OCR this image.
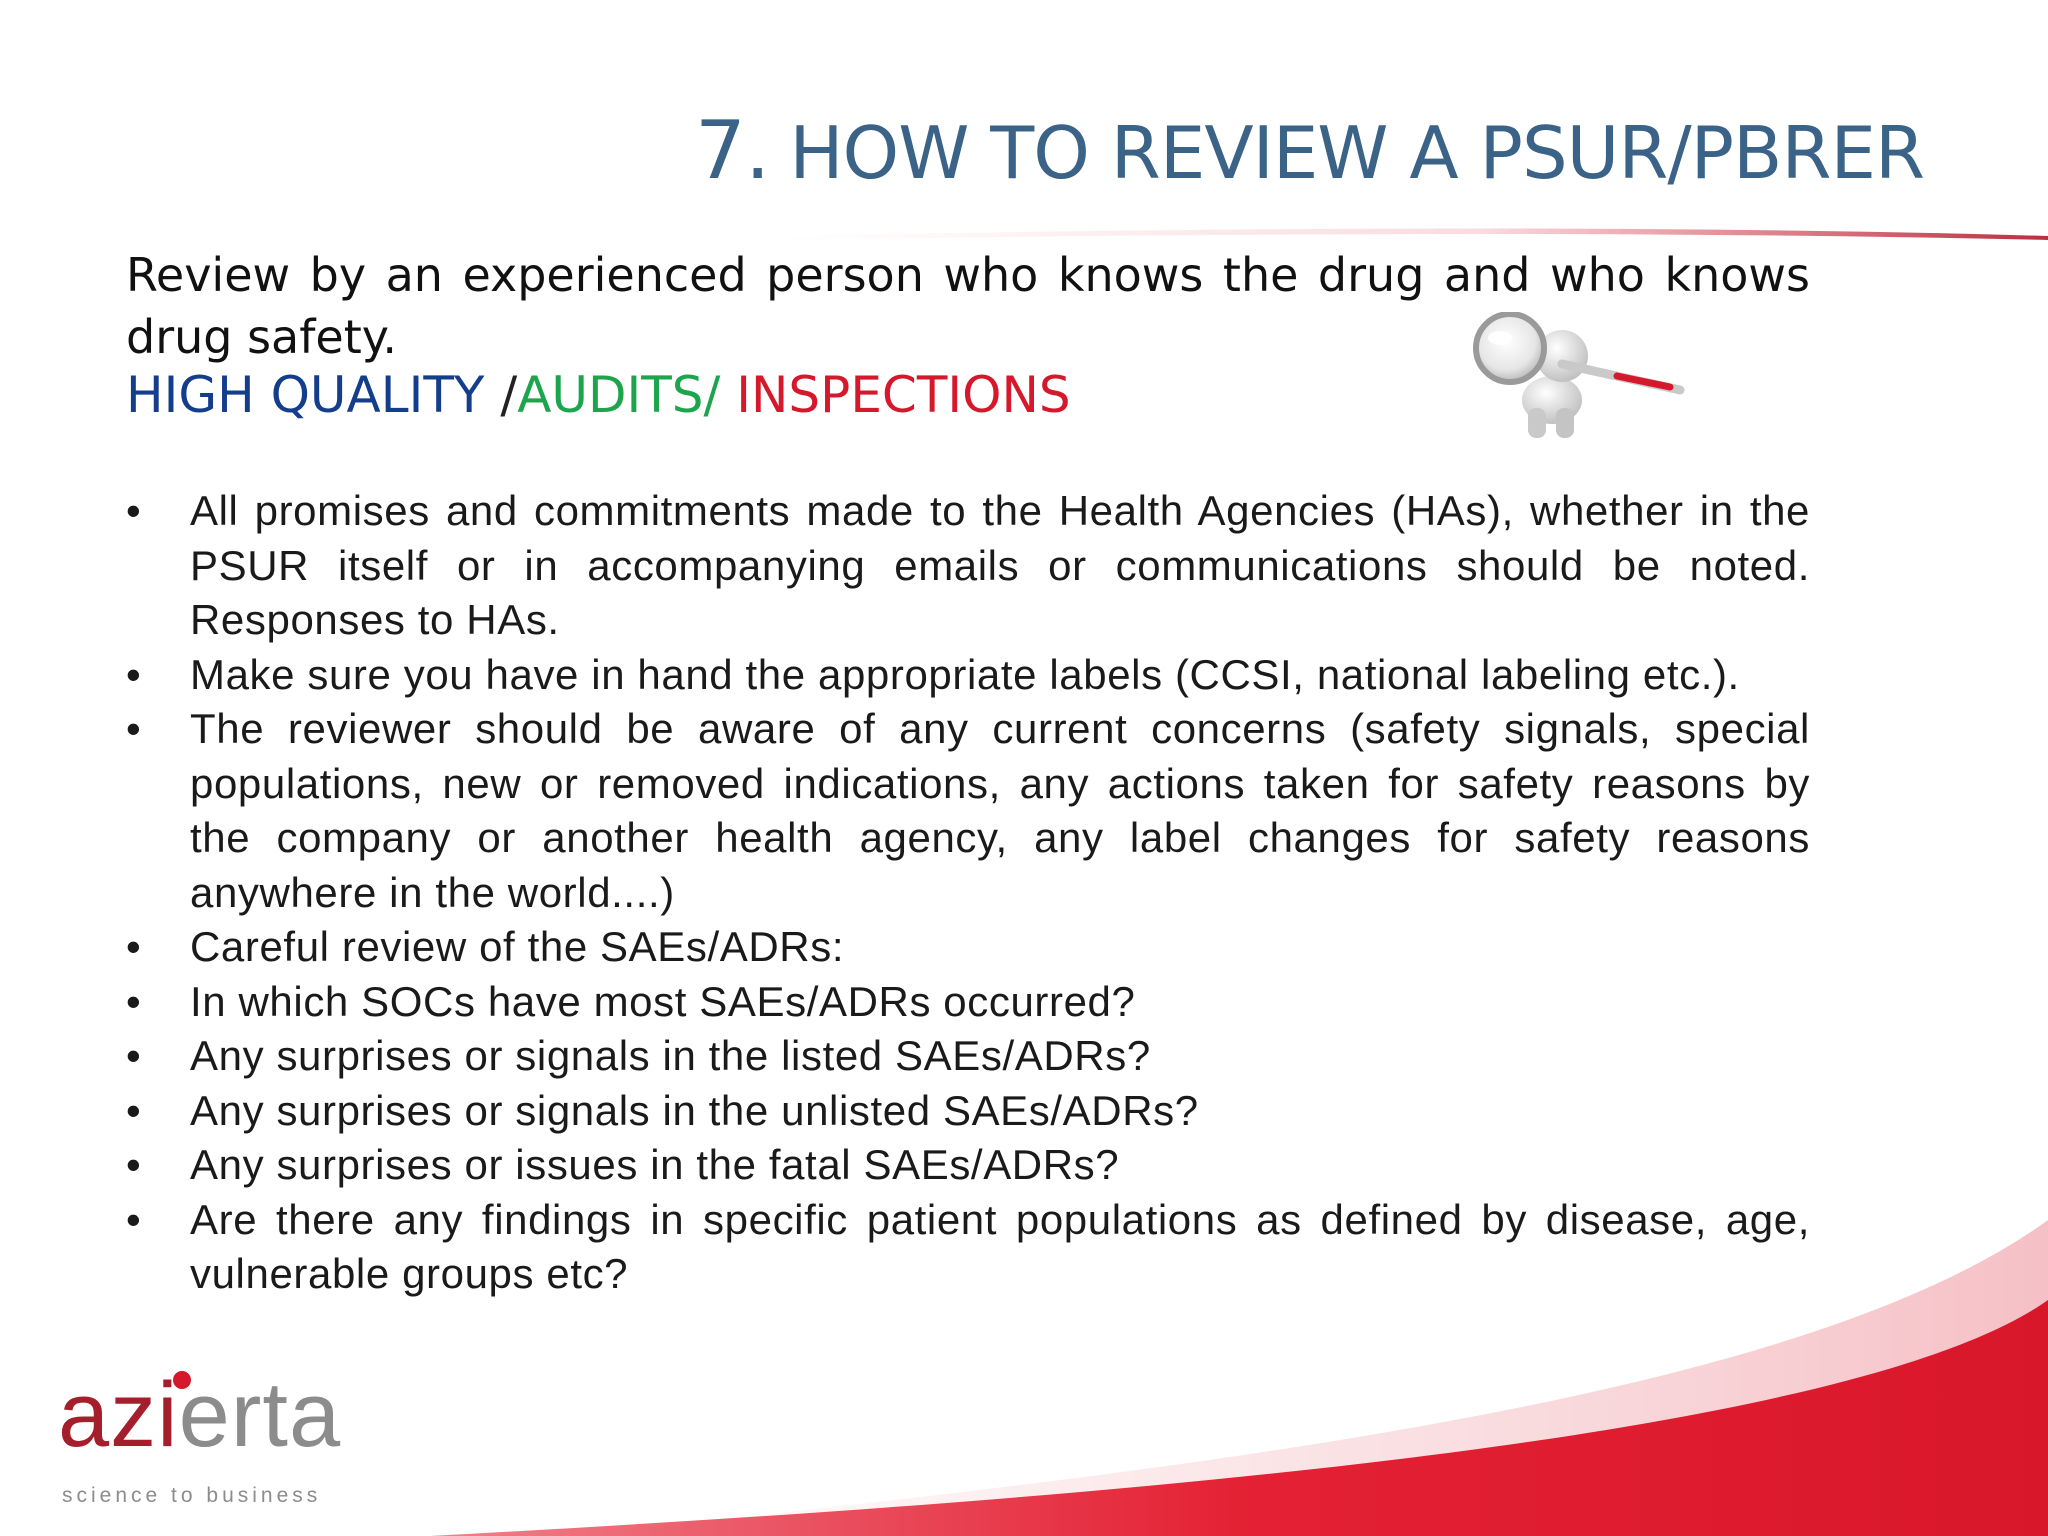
7. HOW TO REVIEW A PSUR/PBRER
Review by an experienced person who knows the drug and who knows drug safety.
HIGH QUALITY /AUDITS/ INSPECTIONS
• All promises and commitments made to the Health Agencies (HAs), whether in the PSUR itself or in accompanying emails or communications should be noted. Responses to HAs.
• Make sure you have in hand the appropriate labels (CCSI, national labeling etc.).
• The reviewer should be aware of any current concerns (safety signals, special populations, new or removed indications, any actions taken for safety reasons by the company or another health agency, any label changes for safety reasons anywhere in the world....)
• Careful review of the SAEs/ADRs:
• In which SOCs have most SAEs/ADRs occurred?
• Any surprises or signals in the listed SAEs/ADRs?
• Any surprises or signals in the unlisted SAEs/ADRs?
• Any surprises or issues in the fatal SAEs/ADRs?
• Are there any findings in specific patient populations as defined by disease, age, vulnerable groups etc?
azierta
science to business
